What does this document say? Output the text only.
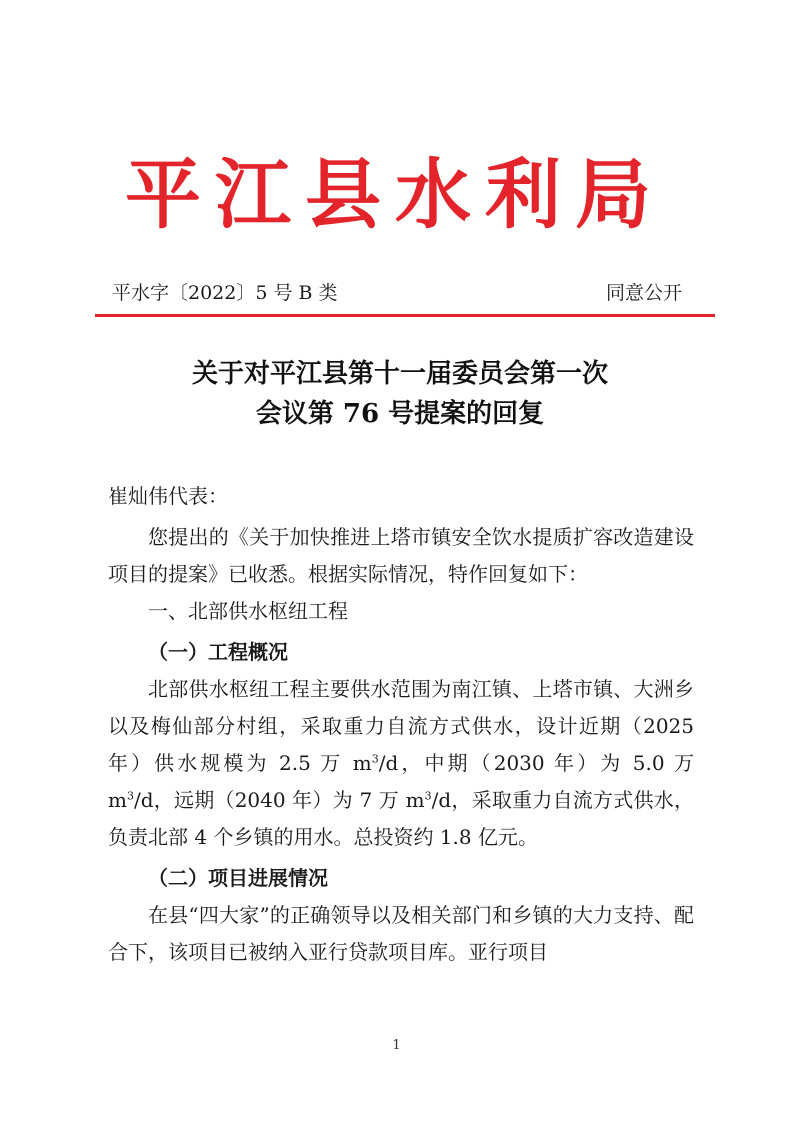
平江县水利局
平水字〔2022〕5 号 B 类	同意公开
关于对平江县第十一届委员会第一次
会议第 76 号提案的回复

崔灿伟代表：

您提出的《关于加快推进上塔市镇安全饮水提质扩容改造建设项目的提案》已收悉。根据实际情况，特作回复如下：

一、北部供水枢纽工程

（一）工程概况

北部供水枢纽工程主要供水范围为南江镇、上塔市镇、大洲乡以及梅仙部分村组，采取重力自流方式供水，设计近期（2025 年）供水规模为 2.5 万 $m^3/d$，中期（2030 年）为 5.0 万 $m^3/d$，远期（2040 年）为 7 万 $m^3/d$，采取重力自流方式供水，负责北部 4 个乡镇的用水。总投资约 1.8 亿元。

（二）项目进展情况

在县“四大家”的正确领导以及相关部门和乡镇的大力支持、配合下，该项目已被纳入亚行贷款项目库。亚行项目

1
